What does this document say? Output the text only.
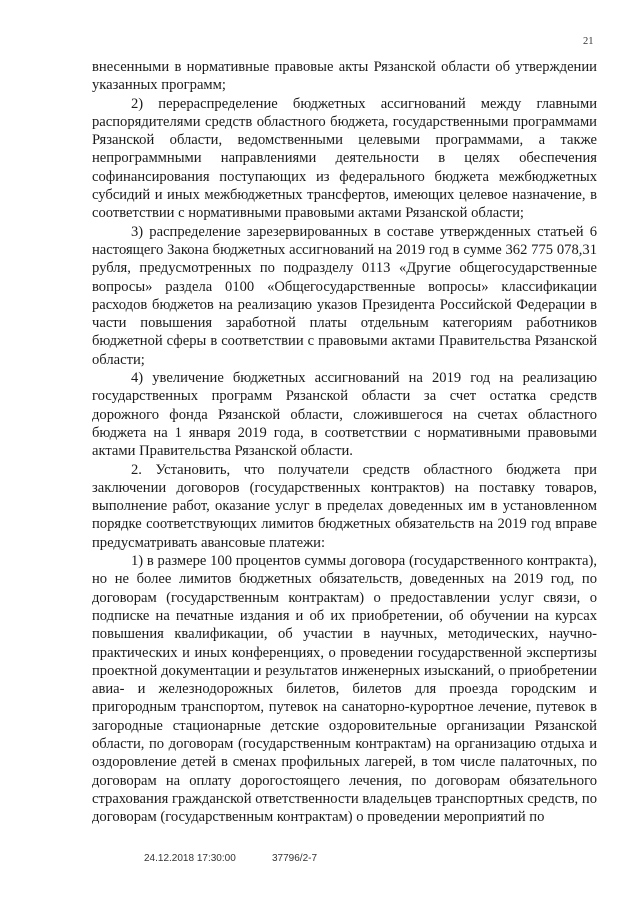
21

внесенными в нормативные правовые акты Рязанской области об утверждении указанных программ;

2) перераспределение бюджетных ассигнований между главными распорядителями средств областного бюджета, государственными программами Рязанской области, ведомственными целевыми программами, а также непрограммными направлениями деятельности в целях обеспечения софинансирования поступающих из федерального бюджета межбюджетных субсидий и иных межбюджетных трансфертов, имеющих целевое назначение, в соответствии с нормативными правовыми актами Рязанской области;

3) распределение зарезервированных в составе утвержденных статьей 6 настоящего Закона бюджетных ассигнований на 2019 год в сумме 362 775 078,31 рубля, предусмотренных по подразделу 0113 «Другие общегосударственные вопросы» раздела 0100 «Общегосударственные вопросы» классификации расходов бюджетов на реализацию указов Президента Российской Федерации в части повышения заработной платы отдельным категориям работников бюджетной сферы в соответствии с правовыми актами Правительства Рязанской области;

4) увеличение бюджетных ассигнований на 2019 год на реализацию государственных программ Рязанской области за счет остатка средств дорожного фонда Рязанской области, сложившегося на счетах областного бюджета на 1 января 2019 года, в соответствии с нормативными правовыми актами Правительства Рязанской области.

2. Установить, что получатели средств областного бюджета при заключении договоров (государственных контрактов) на поставку товаров, выполнение работ, оказание услуг в пределах доведенных им в установленном порядке соответствующих лимитов бюджетных обязательств на 2019 год вправе предусматривать авансовые платежи:

1) в размере 100 процентов суммы договора (государственного контракта), но не более лимитов бюджетных обязательств, доведенных на 2019 год, по договорам (государственным контрактам) о предоставлении услуг связи, о подписке на печатные издания и об их приобретении, об обучении на курсах повышения квалификации, об участии в научных, методических, научно-практических и иных конференциях, о проведении государственной экспертизы проектной документации и результатов инженерных изысканий, о приобретении авиа- и железнодорожных билетов, билетов для проезда городским и пригородным транспортом, путевок на санаторно-курортное лечение, путевок в загородные стационарные детские оздоровительные организации Рязанской области, по договорам (государственным контрактам) на организацию отдыха и оздоровление детей в сменах профильных лагерей, в том числе палаточных, по договорам на оплату дорогостоящего лечения, по договорам обязательного страхования гражданской ответственности владельцев транспортных средств, по договорам (государственным контрактам) о проведении мероприятий по

24.12.2018 17:30:00	37796/2-7
